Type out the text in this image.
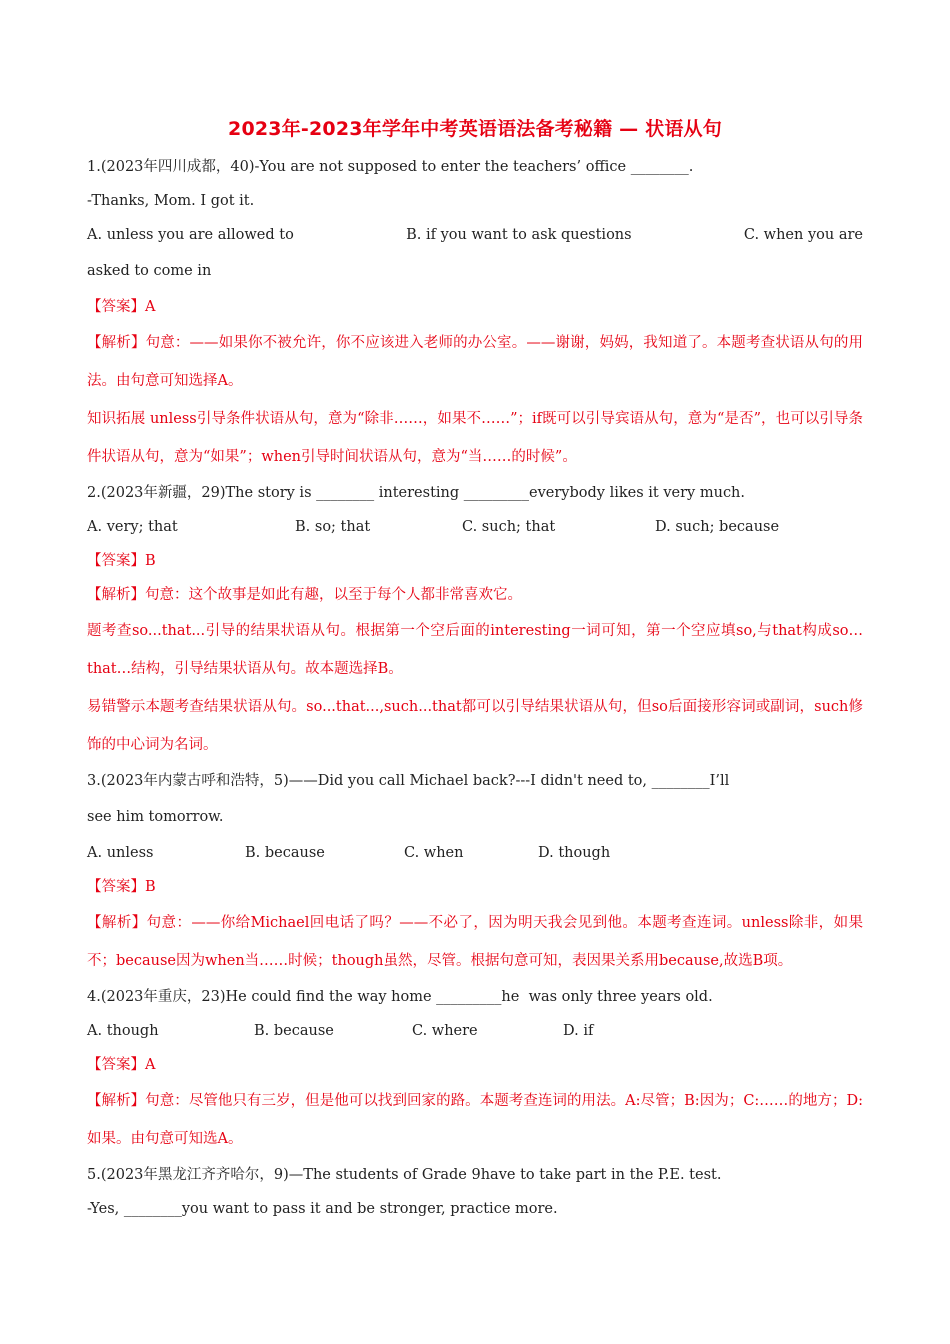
2023年-2023年学年中考英语语法备考秘籍 — 状语从句
1.(2023年四川成都，40)-You are not supposed to enter the teachers’ office ________.
-Thanks, Mom. I got it.
A. unless you are allowed to	B. if you want to ask questions	C. when you are
asked to come in
【答案】A
【解析】句意：——如果你不被允许，你不应该进入老师的办公室。——谢谢，妈妈，我知道了。本题考查状语从句的用法。由句意可知选择A。
知识拓展 unless引导条件状语从句，意为“除非……，如果不……”；if既可以引导宾语从句，意为“是否”，也可以引导条件状语从句，意为“如果”；when引导时间状语从句，意为“当……的时候”。
2.(2023年新疆，29)The story is ________ interesting _________everybody likes it very much.
A. very; that	B. so; that	C. such; that	D. such; because
【答案】B
【解析】句意：这个故事是如此有趣，以至于每个人都非常喜欢它。
题考查so...that...引导的结果状语从句。根据第一个空后面的interesting一词可知，第一个空应填so,与that构成so…that…结构，引导结果状语从句。故本题选择B。
易错警示本题考查结果状语从句。so...that...,such...that都可以引导结果状语从句，但so后面接形容词或副词，such修饰的中心词为名词。
3.(2023年内蒙古呼和浩特，5)——Did you call Michael back?---I didn't need to, ________I’ll
see him tomorrow.
A. unless	B. because	C. when	D. though
【答案】B
【解析】句意：——你给Michael回电话了吗？——不必了，因为明天我会见到他。本题考查连词。unless除非，如果不；because因为when当……时候；though虽然，尽管。根据句意可知，表因果关系用because,故选B项。
4.(2023年重庆，23)He could find the way home _________he  was only three years old.
A. though	B. because	C. where	D. if
【答案】A
【解析】句意：尽管他只有三岁，但是他可以找到回家的路。本题考查连词的用法。A:尽管；B:因为；C:……的地方；D:如果。由句意可知选A。
5.(2023年黑龙江齐齐哈尔，9)—The students of Grade 9have to take part in the P.E. test.
-Yes, ________you want to pass it and be stronger, practice more.
